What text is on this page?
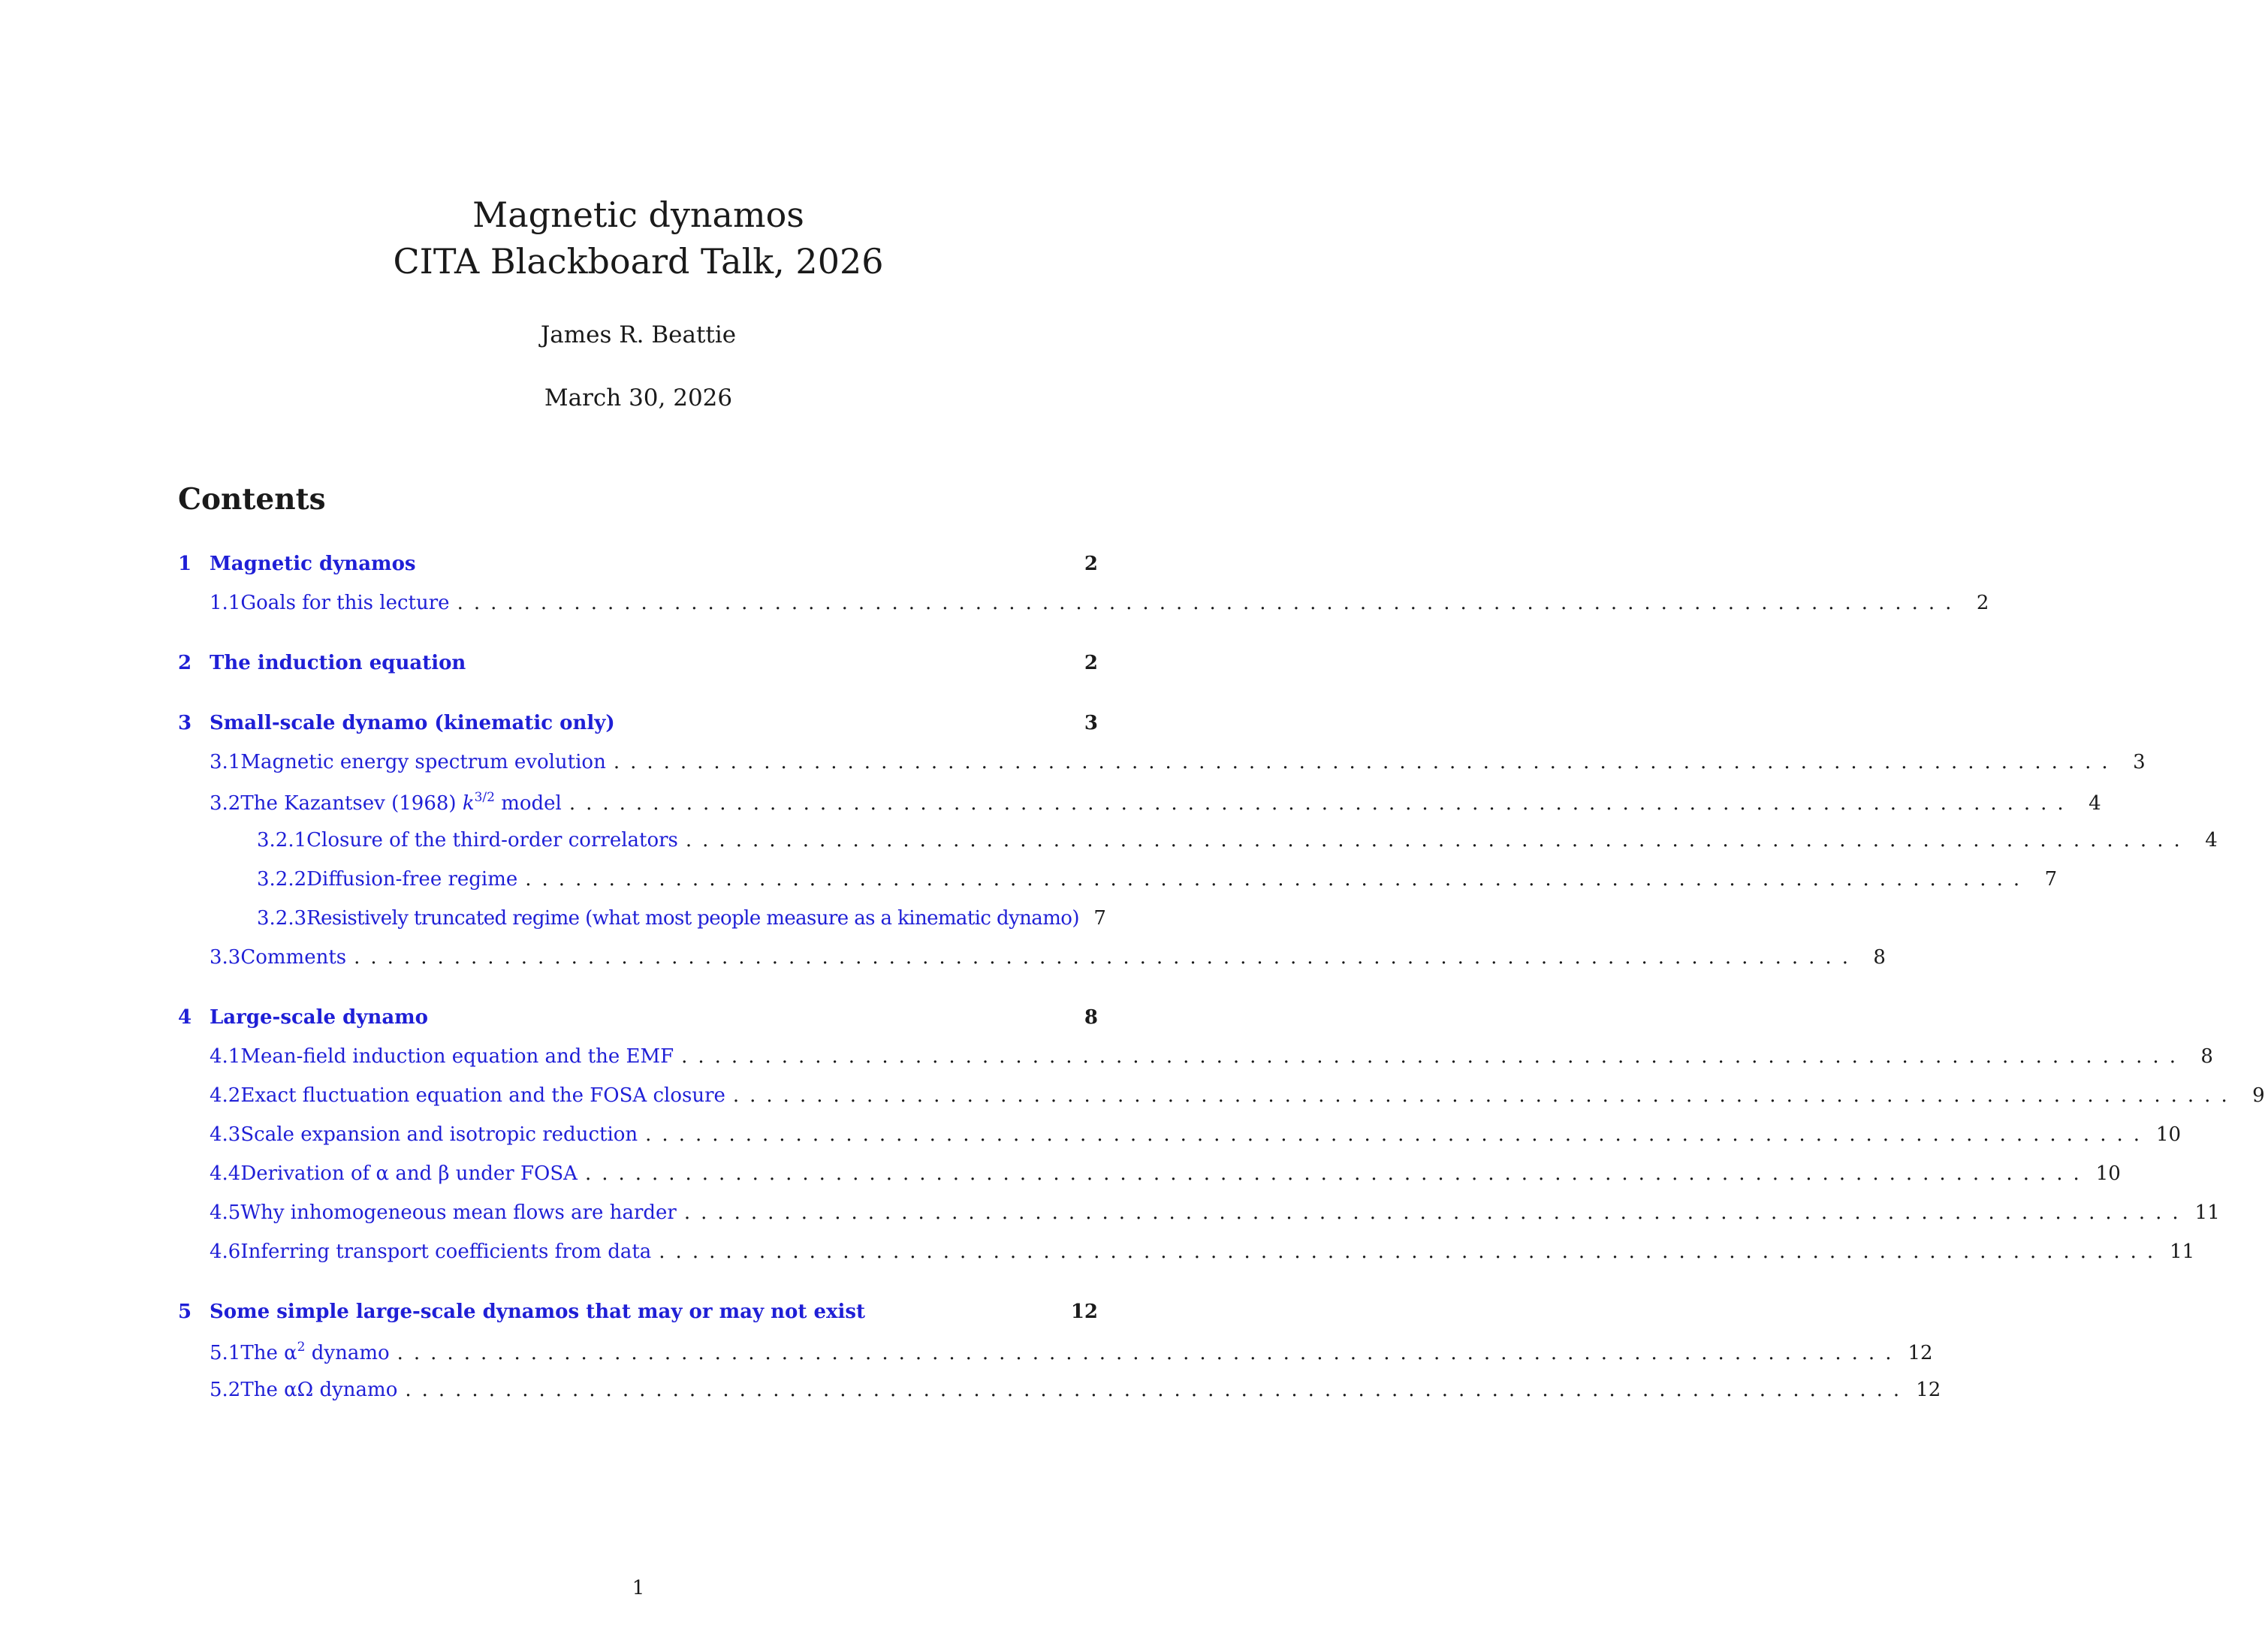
Magnetic dynamos
CITA Blackboard Talk, 2026
James R. Beattie
March 30, 2026
Contents
1 Magnetic dynamos	2
1.1 Goals for this lecture .......................................................................................... 2
2 The induction equation	2
3 Small-scale dynamo (kinematic only)	3
3.1 Magnetic energy spectrum evolution .......................................................................................... 3
3.2 The Kazantsev (1968) $k^{3/2}$ model .......................................................................................... 4
3.2.1 Closure of the third-order correlators .......................................................................................... 4
3.2.2 Diffusion-free regime .......................................................................................... 7
3.2.3 Resistively truncated regime (what most people measure as a kinematic dynamo) 7
3.3 Comments .......................................................................................... 8
4 Large-scale dynamo	8
4.1 Mean-field induction equation and the EMF .......................................................................................... 8
4.2 Exact fluctuation equation and the FOSA closure .......................................................................................... 9
4.3 Scale expansion and isotropic reduction .......................................................................................... 10
4.4 Derivation of α and β under FOSA .......................................................................................... 10
4.5 Why inhomogeneous mean flows are harder .......................................................................................... 11
4.6 Inferring transport coefficients from data .......................................................................................... 11
5 Some simple large-scale dynamos that may or may not exist	12
5.1 The $\alpha^2$ dynamo .......................................................................................... 12
5.2 The αΩ dynamo .......................................................................................... 12
1
